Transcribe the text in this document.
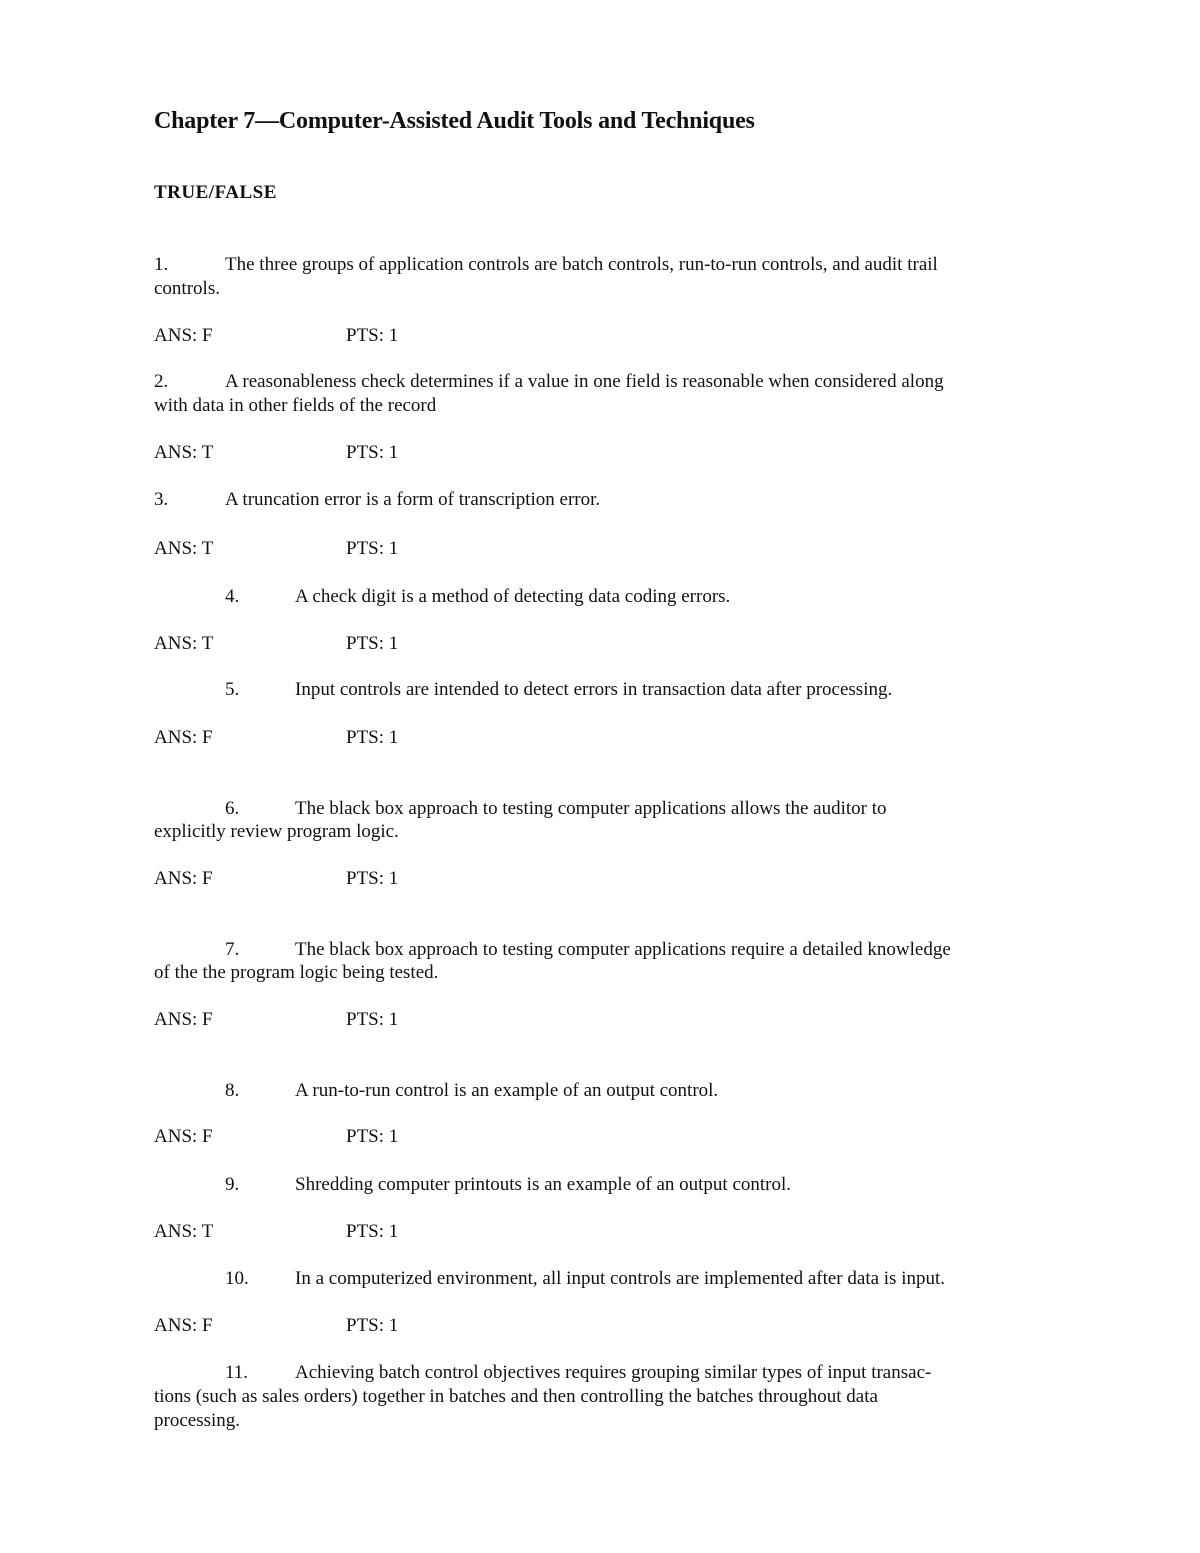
Chapter 7—Computer-Assisted Audit Tools and Techniques
TRUE/FALSE
1.	The three groups of application controls are batch controls, run-to-run controls, and audit trail
controls.
ANS: F	PTS: 1
2.	A reasonableness check determines if a value in one field is reasonable when considered along
with data in other fields of the record
ANS: T	PTS: 1
3.	A truncation error is a form of transcription error.
ANS: T	PTS: 1
4.	A check digit is a method of detecting data coding errors.
ANS: T	PTS: 1
5.	Input controls are intended to detect errors in transaction data after processing.
ANS: F	PTS: 1
6.	The black box approach to testing computer applications allows the auditor to
explicitly review program logic.
ANS: F	PTS: 1
7.	The black box approach to testing computer applications require a detailed knowledge
of the the program logic being tested.
ANS: F	PTS: 1
8.	A run-to-run control is an example of an output control.
ANS: F	PTS: 1
9.	Shredding computer printouts is an example of an output control.
ANS: T	PTS: 1
10. In a computerized environment, all input controls are implemented after data is input.
ANS: F	PTS: 1
11. Achieving batch control objectives requires grouping similar types of input transac-
tions (such as sales orders) together in batches and then controlling the batches throughout data
processing.
